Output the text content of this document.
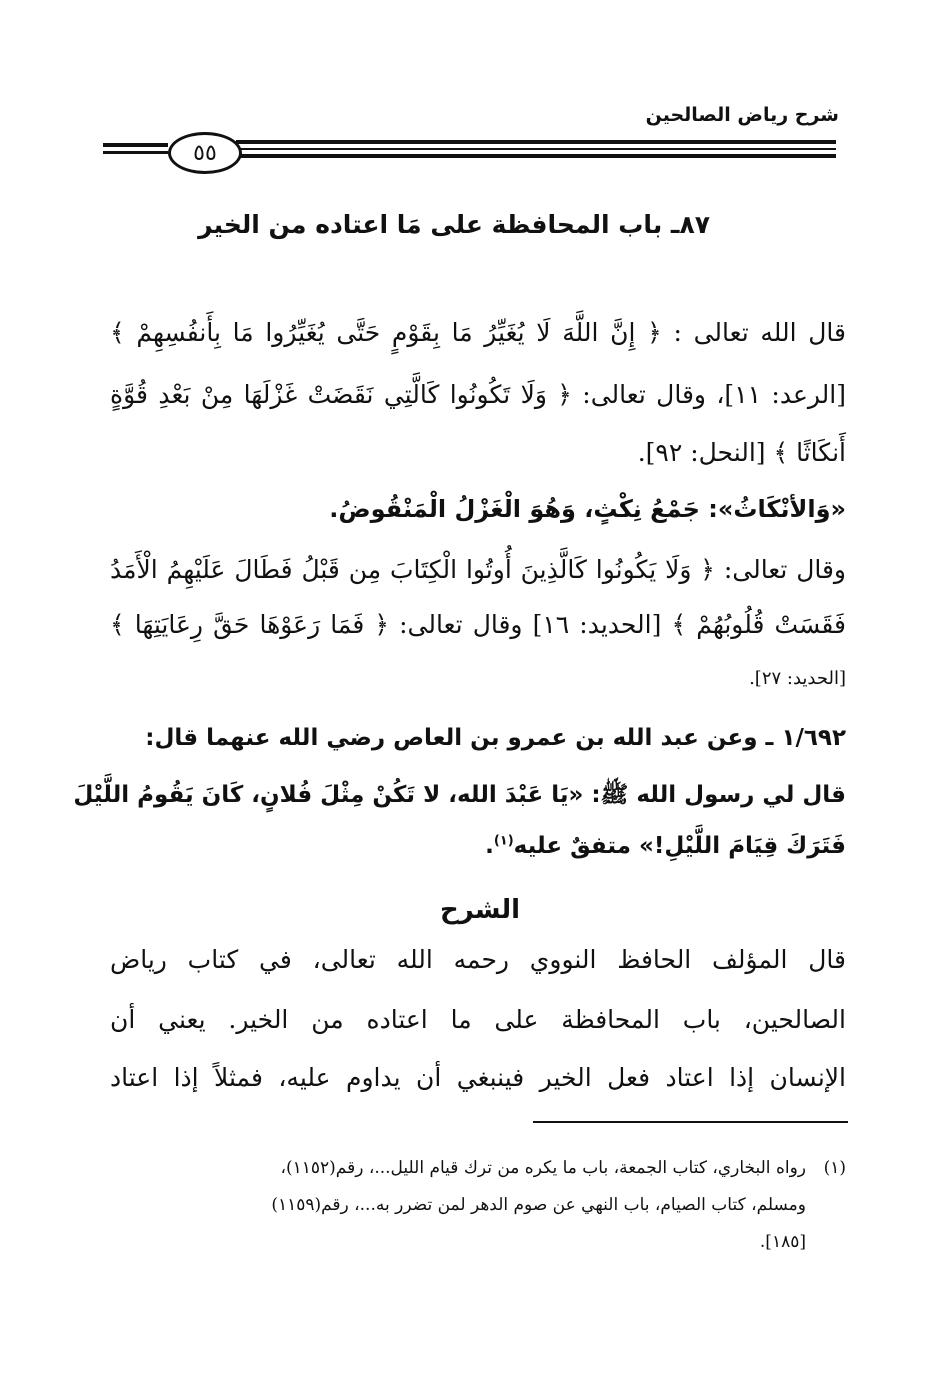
شرح رياض الصالحين
٥٥
٨٧ـ باب المحافظة على مَا اعتاده من الخير
قال الله تعالى : ﴿ إِنَّ اللَّهَ لَا يُغَيِّرُ مَا بِقَوْمٍ حَتَّى يُغَيِّرُوا مَا بِأَنفُسِهِمْ ﴾
[الرعد: ١١]، وقال تعالى: ﴿ وَلَا تَكُونُوا كَالَّتِي نَقَضَتْ غَزْلَهَا مِنْ بَعْدِ قُوَّةٍ
أَنكَاثًا ﴾ [النحل: ٩٢].
«وَالأنْكَاثُ»: جَمْعُ نِكْثٍ، وَهُوَ الْغَزْلُ الْمَنْقُوضُ.
وقال تعالى: ﴿ وَلَا يَكُونُوا كَالَّذِينَ أُوتُوا الْكِتَابَ مِن قَبْلُ فَطَالَ عَلَيْهِمُ الْأَمَدُ
فَقَسَتْ قُلُوبُهُمْ ﴾ [الحديد: ١٦] وقال تعالى: ﴿ فَمَا رَعَوْهَا حَقَّ رِعَايَتِهَا ﴾
[الحديد: ٢٧].
١/٦٩٢ ـ وعن عبد الله بن عمرو بن العاص رضي الله عنهما قال:
قال لي رسول الله ﷺ: «يَا عَبْدَ الله، لا تَكُنْ مِثْلَ فُلانٍ، كَانَ يَقُومُ اللَّيْلَ
فَتَرَكَ قِيَامَ اللَّيْلِ!» متفقٌ عليه$^{(١)}$.
الشرح
قال المؤلف الحافظ النووي رحمه الله تعالى، في كتاب رياض
الصالحين، باب المحافظة على ما اعتاده من الخير. يعني أن
الإنسان إذا اعتاد فعل الخير فينبغي أن يداوم عليه، فمثلاً إذا اعتاد
(١)
رواه البخاري، كتاب الجمعة، باب ما يكره من ترك قيام الليل...، رقم(١١٥٢)،
ومسلم، كتاب الصيام، باب النهي عن صوم الدهر لمن تضرر به...، رقم(١١٥٩)
[١٨٥].
